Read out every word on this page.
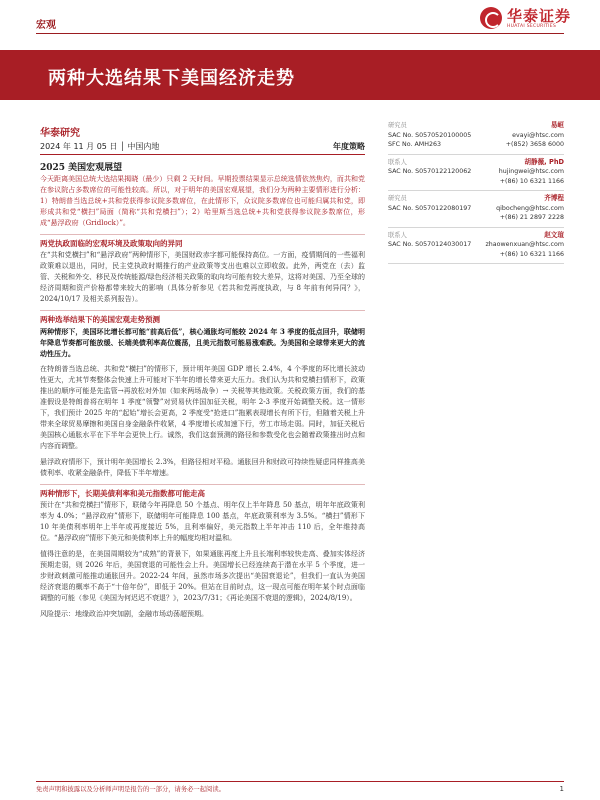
宏观
华泰证券
HUATAI SECURITIES
两种大选结果下美国经济走势
华泰研究
2024 年 11 月 05 日 │ 中国内地	年度策略
2025 美国宏观展望
今天距离美国总统大选结果揭晓（最少）只剩 2 天时间。早期投票结果显示总统选情依然焦灼，而共和党在参议院占多数席位的可能性较高。所以，对于明年的美国宏观展望，我们分为两种主要情形进行分析：1）特朗普当选总统+共和党获得参议院多数席位，在此情形下，众议院多数席位也可能归属共和党，即形成共和党“横扫”局面（简称“共和党横扫”）；2）哈里斯当选总统+共和党获得参议院多数席位，形成“悬浮政府（Gridlock）”。
两党执政面临的宏观环境及政策取向的异同
在“共和党横扫”和“悬浮政府”两种情形下，美国财政赤字都可能保持高位。一方面，疫情期间的一些福利政策难以退出，同时，民主党执政时期推行的产业政策等支出也难以立即收敛。此外，两党在（去）监管、关税和外交、移民及传统能源/绿色经济相关政策的取向均可能有较大差异，这将对美国、乃至全球的经济周期和资产价格都带来较大的影响（具体分析参见《若共和党再度执政，与 8 年前有何异同？》，2024/10/17 及相关系列报告）。
两种选举结果下的美国宏观走势预测
两种情形下，美国环比增长都可能“前高后低”，核心通胀均可能较 2024 年 3 季度的低点回升，联储明年降息节奏都可能放缓、长端美债利率高位震荡，且美元指数可能易涨难跌。为美国和全球带来更大的流动性压力。
在特朗普当选总统、共和党“横扫”的情形下，预计明年美国 GDP 增长 2.4%，4 个季度的环比增长波动性更大，尤其节奏整体会快速上升可能对下半年的增长带来更大压力。我们认为共和党横扫情形下，政策推出的顺序可能是先监管→再放松对外加（如来两场战争）→ 关税等其他政策。关税政策方面，我们的基准假设是特朗普将在明年 1 季度“领警”对贸易伙伴国加征关税，明年 2-3 季度开始调整关税。这一情形下，我们预计 2025 年的“起始”增长会更高，2 季度受“抢进口”拖累表现增长有所下行，但随着关税上升带来全球贸易摩擦和美国自身金融条件收紧，4 季度增长或加速下行，劳工市场走弱。同时，加征关税后美国核心通胀水平在下半年会更快上行。诚然，我们这套预测的路径和参数受化也会随着政策推出时点和内容而调整。
悬浮政府情形下，预计明年美国增长 2.3%，但路径相对平稳。通胀回升和财政可持续性疑虑同样推高美债利率、收紧金融条件，降低下半年增速。
两种情形下，长期美债利率和美元指数都可能走高
预计在“共和党横扫”情形下，联储今年再降息 50 个基点、明年仅上半年降息 50 基点，明年年底政策利率为 4.0%；“悬浮政府”情形下，联储明年可能降息 100 基点，年底政策利率为 3.5%。“横扫”情形下 10 年美债利率明年上半年或再度接近 5%，且利率偏好，美元指数上半年冲击 110 后，全年维持高位。“悬浮政府”情形下美元和美债利率上升的幅度均相对温和。
值得注意的是，在美国周期较为“成熟”的背景下，如果通胀再度上升且长端利率较快走高、叠加实体经济预期走弱，则 2026 年后，美国衰退的可能性会上升。美国增长已经连续高于潜在水平 5 个季度，进一步财政刺激可能推动通胀回升。2022-24 年间，虽然市场多次提出“美国衰退论”，但我们一直认为美国经济衰退的概率不高于“十倍年份”，即低于 20%。但站在目前时点，这一现点可能在明年某个时点面临调整的可能（参见《美国为何迟迟不衰退？》，2023/7/31；《再论美国不衰退的逻辑》，2024/8/19）。
风险提示：地缘政治冲突加剧，金融市场动荡超预期。
研究员	易峘
SAC No. S0570520100005	evayi@htsc.com
SFC No. AMH263	+(852) 3658 6000
联系人	胡静薇, PhD
SAC No. S0570122120062	hujingwei@htsc.com
+(86) 10 6321 1166
研究员	齐博程
SAC No. S0570122080197	qibocheng@htsc.com
+(86) 21 2897 2228
联系人	赵文瑄
SAC No. S0570124030017 zhaowenxuan@htsc.com
+(86) 10 6321 1166
免责声明和披露以及分析师声明是报告的一部分，请务必一起阅读。	1
